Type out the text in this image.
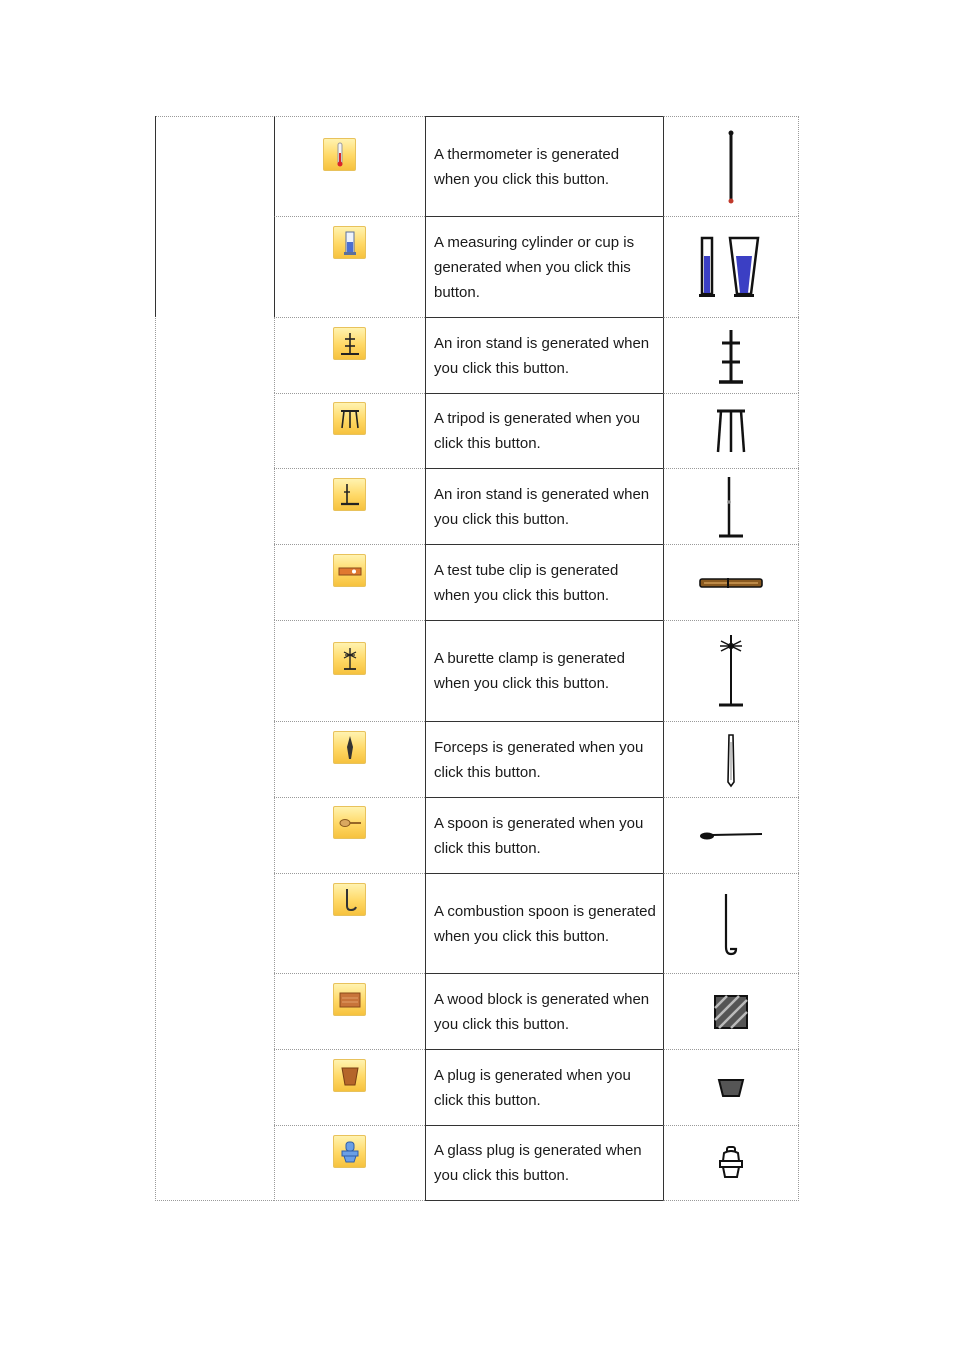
A thermometer is generated when you click this button.
A measuring cylinder or cup is generated when you click this button.
An iron stand is generated when you click this button.
A tripod is generated when you click this button.
An iron stand is generated when you click this button.
A test tube clip is generated when you click this button.
A burette clamp is generated when you click this button.
Forceps is generated when you click this button.
A spoon is generated when you click this button.
A combustion spoon is generated when you click this button.
A wood block is generated when you click this button.
A plug is generated when you click this button.
A glass plug is generated when you click this button.
